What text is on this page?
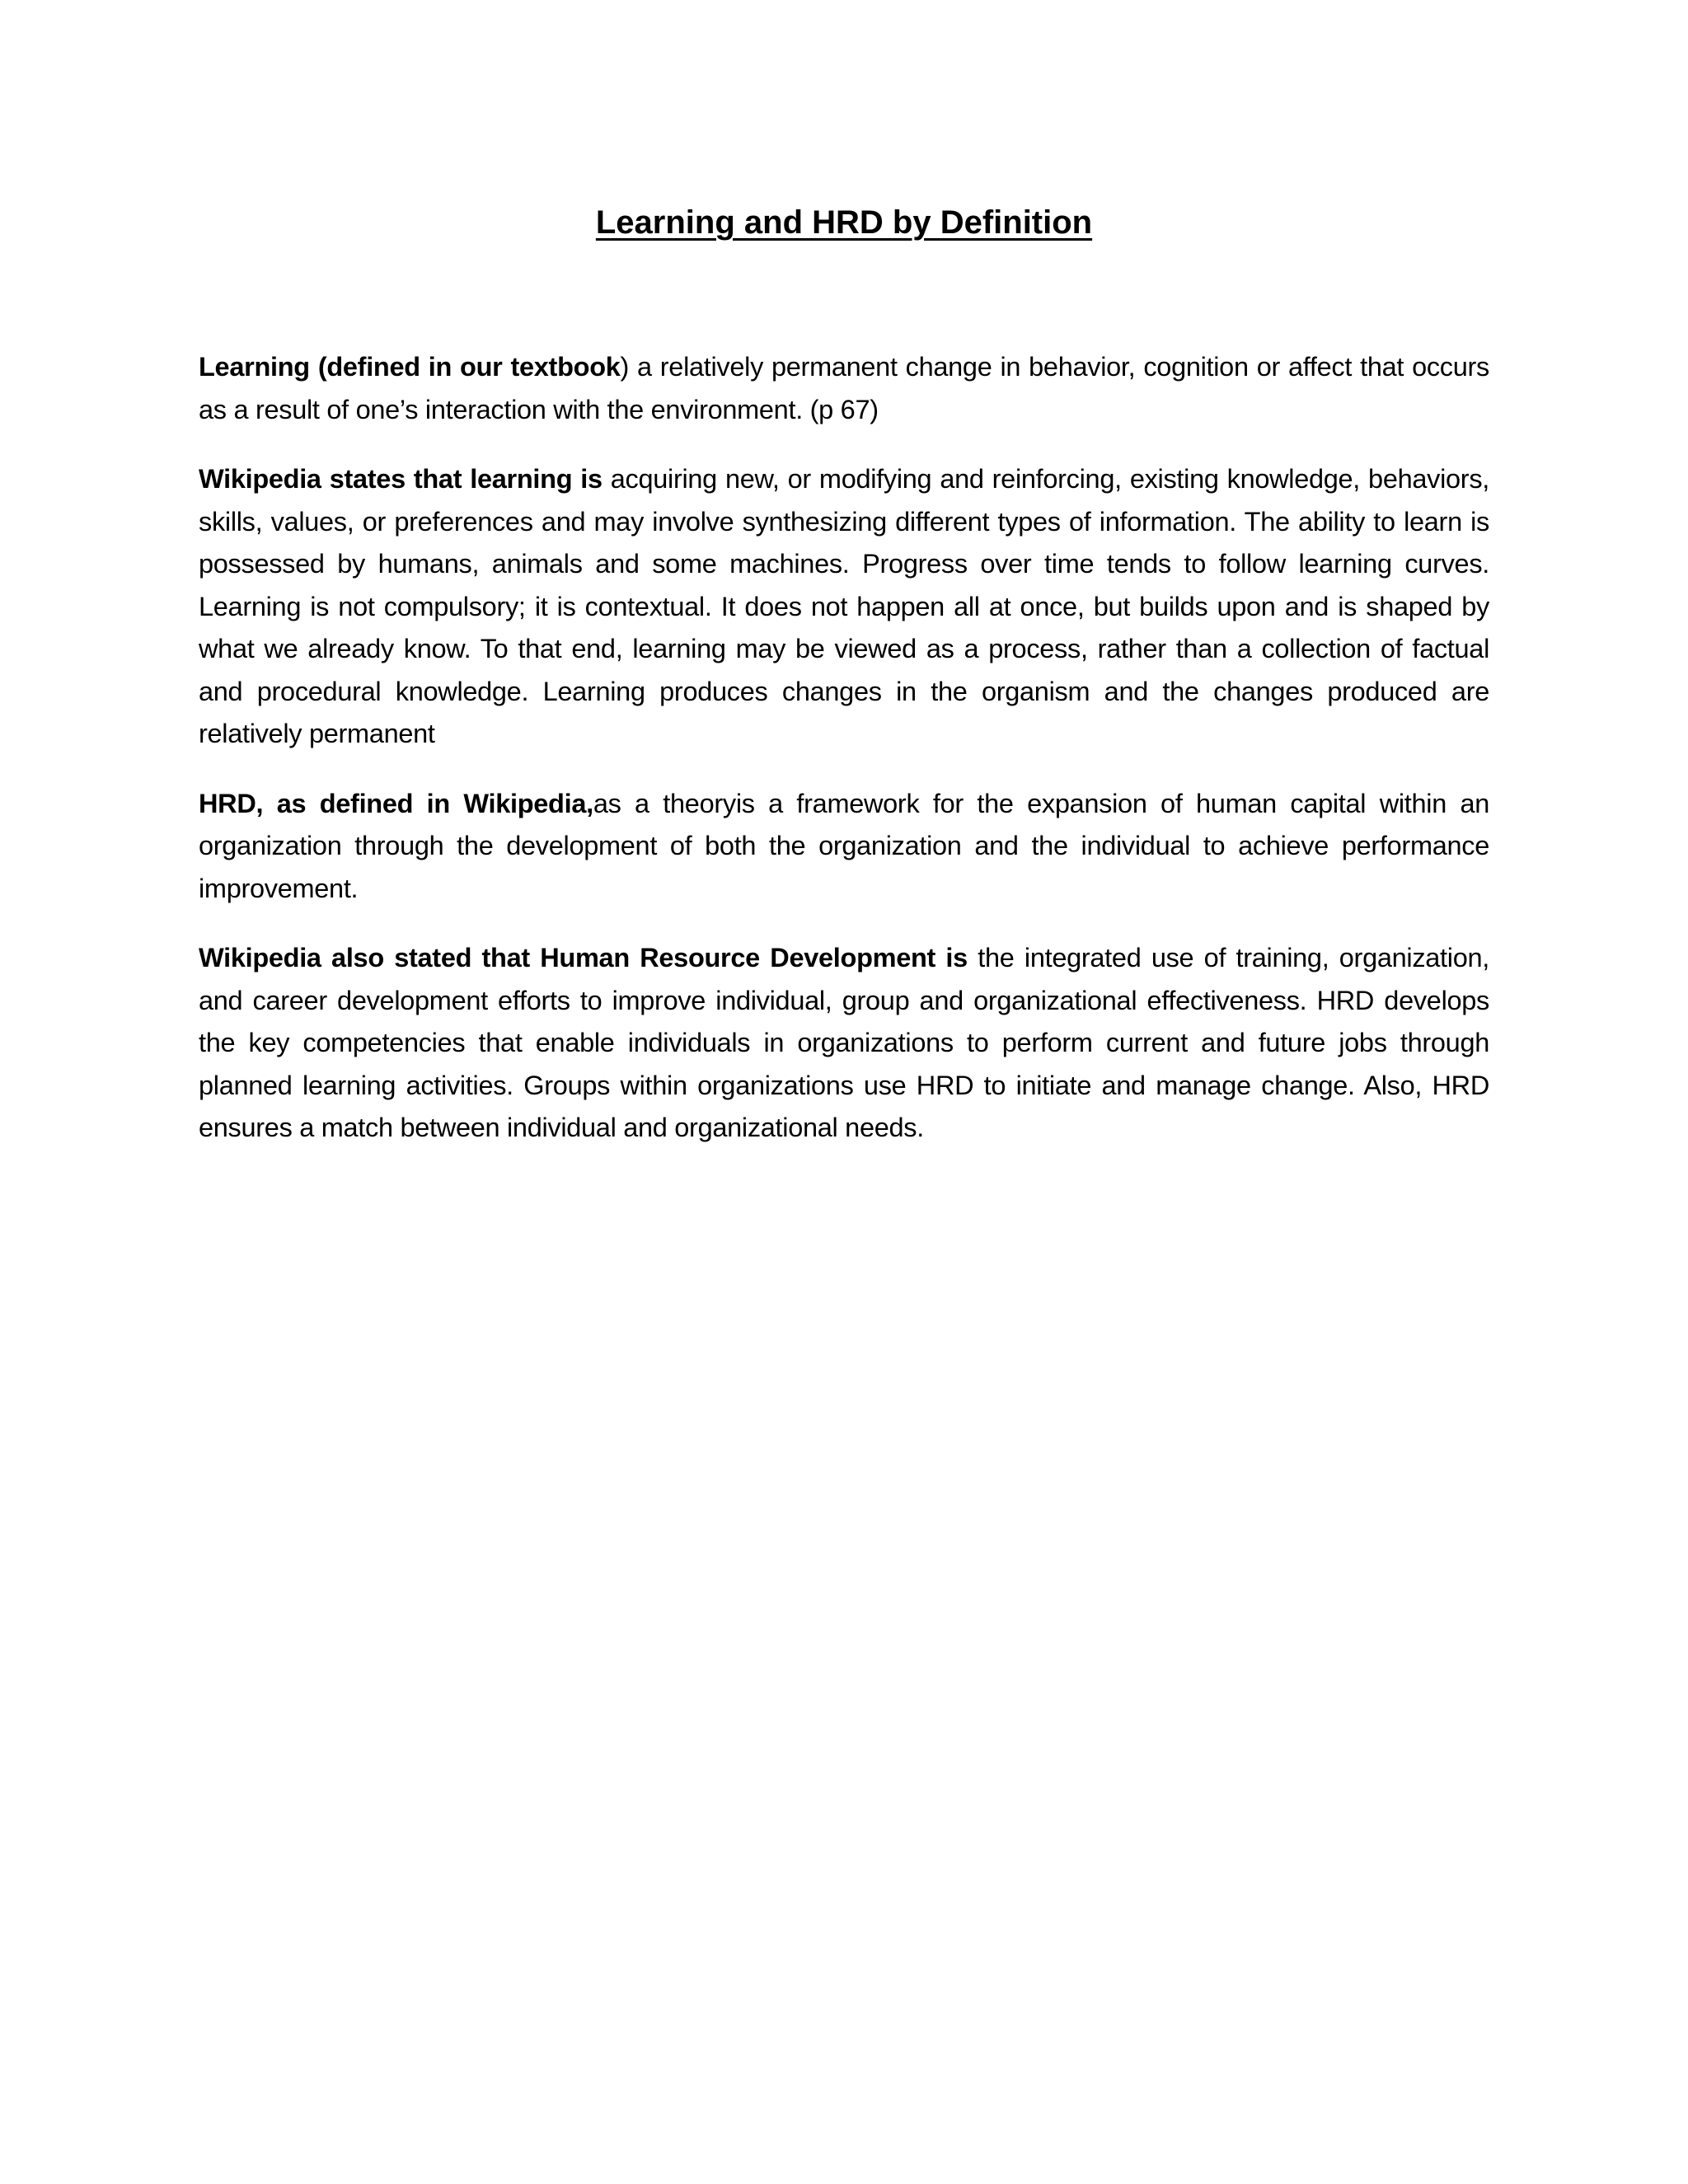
Learning and HRD by Definition

Learning (defined in our textbook) a relatively permanent change in behavior, cognition or affect that occurs as a result of one’s interaction with the environment. (p 67)

Wikipedia states that learning is acquiring new, or modifying and reinforcing, existing knowledge, behaviors, skills, values, or preferences and may involve synthesizing different types of information. The ability to learn is possessed by humans, animals and some machines. Progress over time tends to follow learning curves. Learning is not compulsory; it is contextual. It does not happen all at once, but builds upon and is shaped by what we already know. To that end, learning may be viewed as a process, rather than a collection of factual and procedural knowledge. Learning produces changes in the organism and the changes produced are relatively permanent

HRD, as defined in Wikipedia,as a theoryis a framework for the expansion of human capital within an organization through the development of both the organization and the individual to achieve performance improvement.

Wikipedia also stated that Human Resource Development is the integrated use of training, organization, and career development efforts to improve individual, group and organizational effectiveness. HRD develops the key competencies that enable individuals in organizations to perform current and future jobs through planned learning activities. Groups within organizations use HRD to initiate and manage change. Also, HRD ensures a match between individual and organizational needs.
